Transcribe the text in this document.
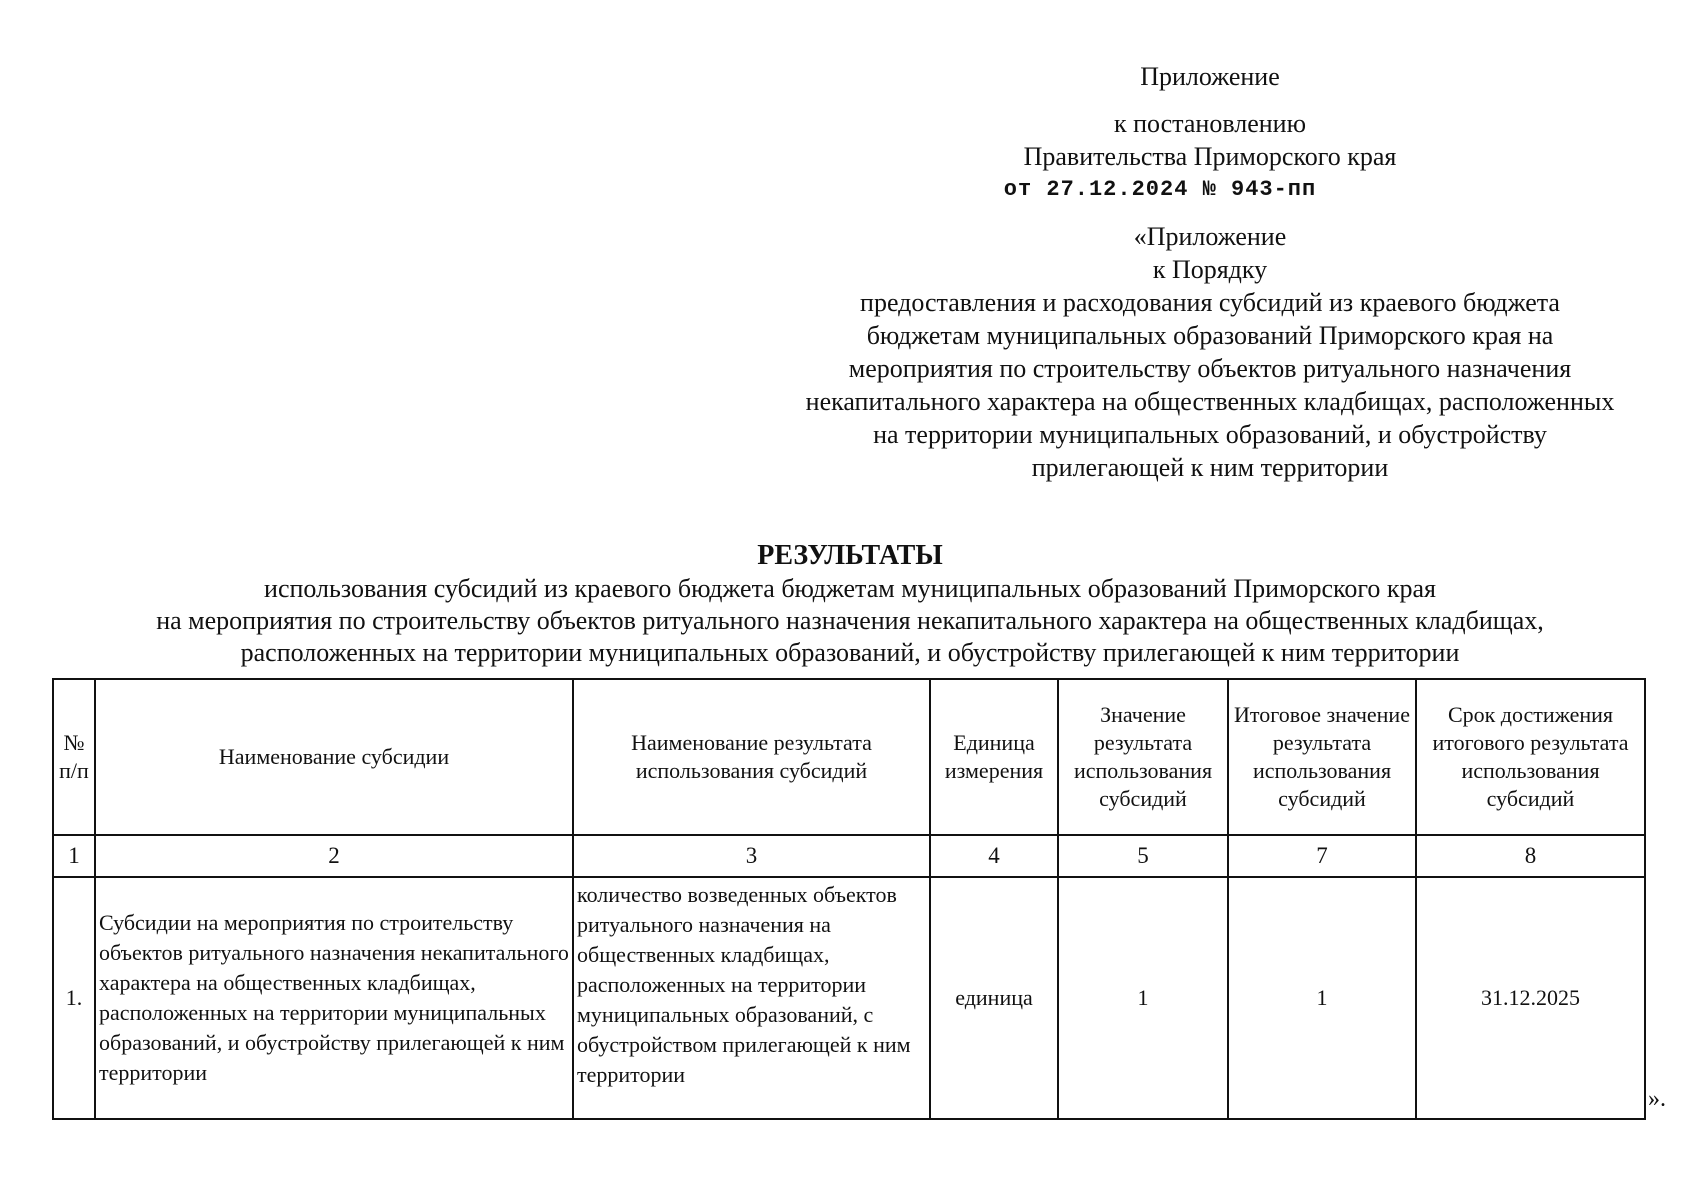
Приложение
к постановлению
Правительства Приморского края
от 27.12.2024 № 943-пп
«Приложение
к Порядку
предоставления и расходования субсидий из краевого бюджета
бюджетам муниципальных образований Приморского края на
мероприятия по строительству объектов ритуального назначения
некапитального характера на общественных кладбищах, расположенных
на территории муниципальных образований, и обустройству
прилегающей к ним территории
РЕЗУЛЬТАТЫ
использования субсидий из краевого бюджета бюджетам муниципальных образований Приморского края
на мероприятия по строительству объектов ритуального назначения некапитального характера на общественных кладбищах,
расположенных на территории муниципальных образований, и обустройству прилегающей к ним территории
№ п/п	Наименование субсидии	Наименование результата использования субсидий	Единица измерения	Значение результата использования субсидий	Итоговое значение результата использования субсидий	Срок достижения итогового результата использования субсидий
1	2	3	4	5	7	8
1.	Субсидии на мероприятия по строительству объектов ритуального назначения некапитального характера на общественных кладбищах, расположенных на территории муниципальных образований, и обустройству прилегающей к ним территории	количество возведенных объектов ритуального назначения на общественных кладбищах, расположенных на территории муниципальных образований, с обустройством прилегающей к ним территории	единица	1	1	31.12.2025
».
